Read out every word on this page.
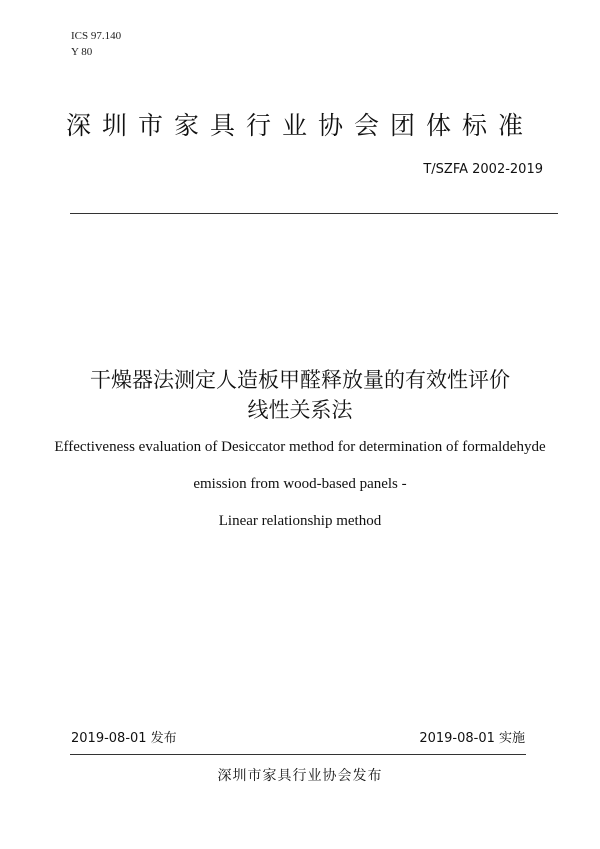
ICS 97.140
Y 80
深圳市家具行业协会团体标准
T/SZFA 2002-2019
干燥器法测定人造板甲醛释放量的有效性评价
线性关系法
Effectiveness evaluation of Desiccator method for determination of formaldehyde
emission from wood-based panels -
Linear relationship method
2019-08-01 发布	2019-08-01 实施
深圳市家具行业协会发布
